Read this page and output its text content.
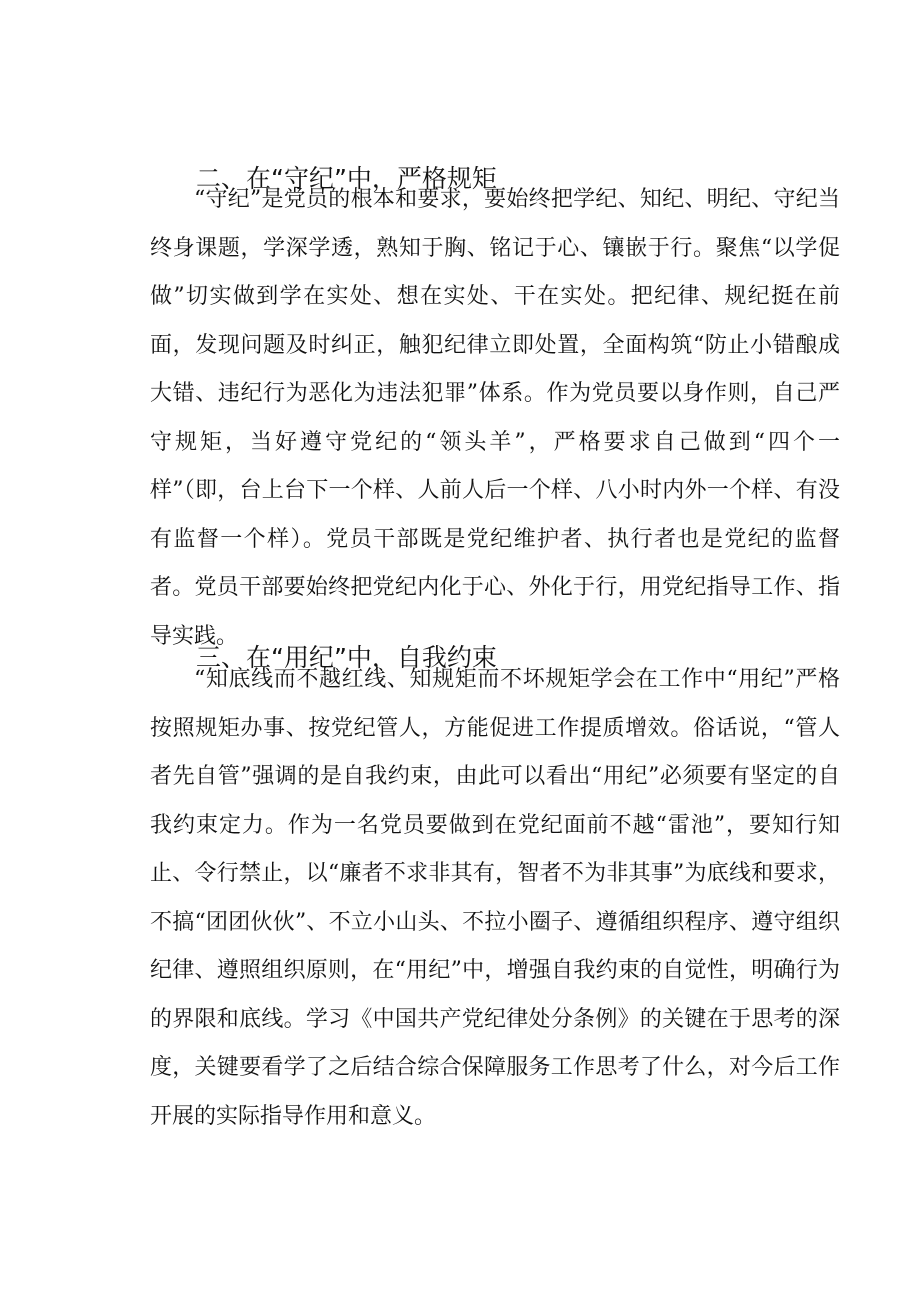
二、在“守纪”中，严格规矩

“守纪”是党员的根本和要求，要始终把学纪、知纪、明纪、守纪当终身课题，学深学透，熟知于胸、铭记于心、镶嵌于行。聚焦“以学促做”切实做到学在实处、想在实处、干在实处。把纪律、规纪挺在前面，发现问题及时纠正，触犯纪律立即处置，全面构筑“防止小错酿成大错、违纪行为恶化为违法犯罪”体系。作为党员要以身作则，自己严守规矩，当好遵守党纪的“领头羊”，严格要求自己做到“四个一样”（即，台上台下一个样、人前人后一个样、八小时内外一个样、有没有监督一个样）。党员干部既是党纪维护者、执行者也是党纪的监督者。党员干部要始终把党纪内化于心、外化于行，用党纪指导工作、指导实践。

三、在“用纪”中，自我约束

“知底线而不越红线、知规矩而不坏规矩学会在工作中“用纪”严格按照规矩办事、按党纪管人，方能促进工作提质增效。俗话说，“管人者先自管”强调的是自我约束，由此可以看出“用纪”必须要有坚定的自我约束定力。作为一名党员要做到在党纪面前不越“雷池”，要知行知止、令行禁止，以“廉者不求非其有，智者不为非其事”为底线和要求，不搞“团团伙伙”、不立小山头、不拉小圈子、遵循组织程序、遵守组织纪律、遵照组织原则，在“用纪”中，增强自我约束的自觉性，明确行为的界限和底线。学习《中国共产党纪律处分条例》的关键在于思考的深度，关键要看学了之后结合综合保障服务工作思考了什么，对今后工作开展的实际指导作用和意义。
